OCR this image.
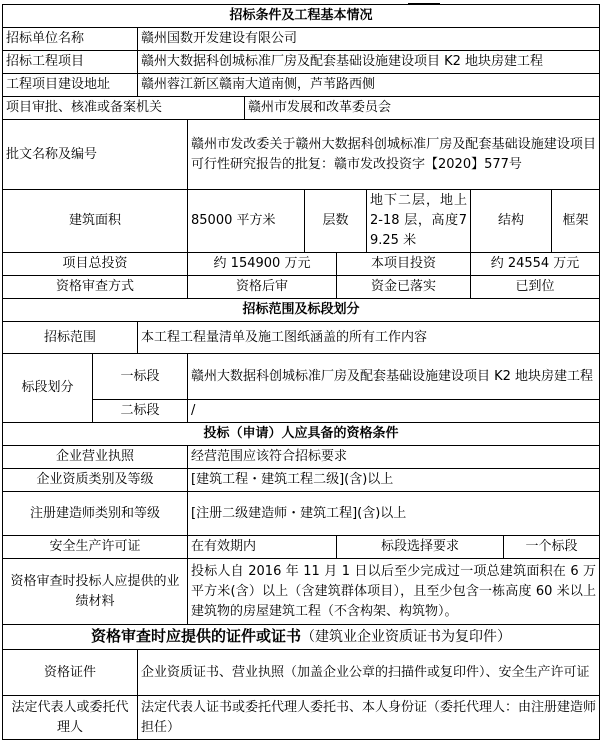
招标条件及工程基本情况										
招标单位名称		赣州国数开发建设有限公司								
招标工程项目		赣州大数据科创城标准厂房及配套基础设施建设项目 K2 地块房建工程								
工程项目建设地址		赣州蓉江新区赣南大道南侧，芦苇路西侧								
项目审批、核准或备案机关				赣州市发展和改革委员会						
批文名称及编号			赣州市发改委关于赣州大数据科创城标准厂房及配套基础设施建设项目可行性研究报告的批复：赣市发改投资字【2020】577号							
建筑面积			85000 平方米		层数		地下二层，地上2-18 层，高度79.25 米	结构		框架
项目总投资			约 154900 万元			本项目投资		约 24554 万元		
资格审查方式			资格后审			资金已落实		已到位		
招标范围及标段划分										
招标范围		本工程工程量清单及施工图纸涵盖的所有工作内容								
标段划分	一标段		赣州大数据科创城标准厂房及配套基础设施建设项目 K2 地块房建工程							
	二标段		/							
投标（申请）人应具备的资格条件										
企业营业执照			经营范围应该符合招标要求							
企业资质类别及等级			[建筑工程・建筑工程二级](含)以上							
注册建造师类别和等级			[注册二级建造师・建筑工程](含)以上							
安全生产许可证			在有效期内			标段选择要求			一个标段	
资格审查时投标人应提供的业绩材料			投标人自 2016 年 11 月 1 日以后至少完成过一项总建筑面积在 6 万平方米(含）以上（含建筑群体项目），且至少包含一栋高度 60 米以上建筑物的房屋建筑工程（不含构架、构筑物）。							
资格审查时应提供的证件或证书（建筑业企业资质证书为复印件）										
资格证件		企业资质证书、营业执照（加盖企业公章的扫描件或复印件）、安全生产许可证								
法定代表人或委托代理人		法定代表人证书或委托代理人委托书、本人身份证（委托代理人：由注册建造师担任）								
